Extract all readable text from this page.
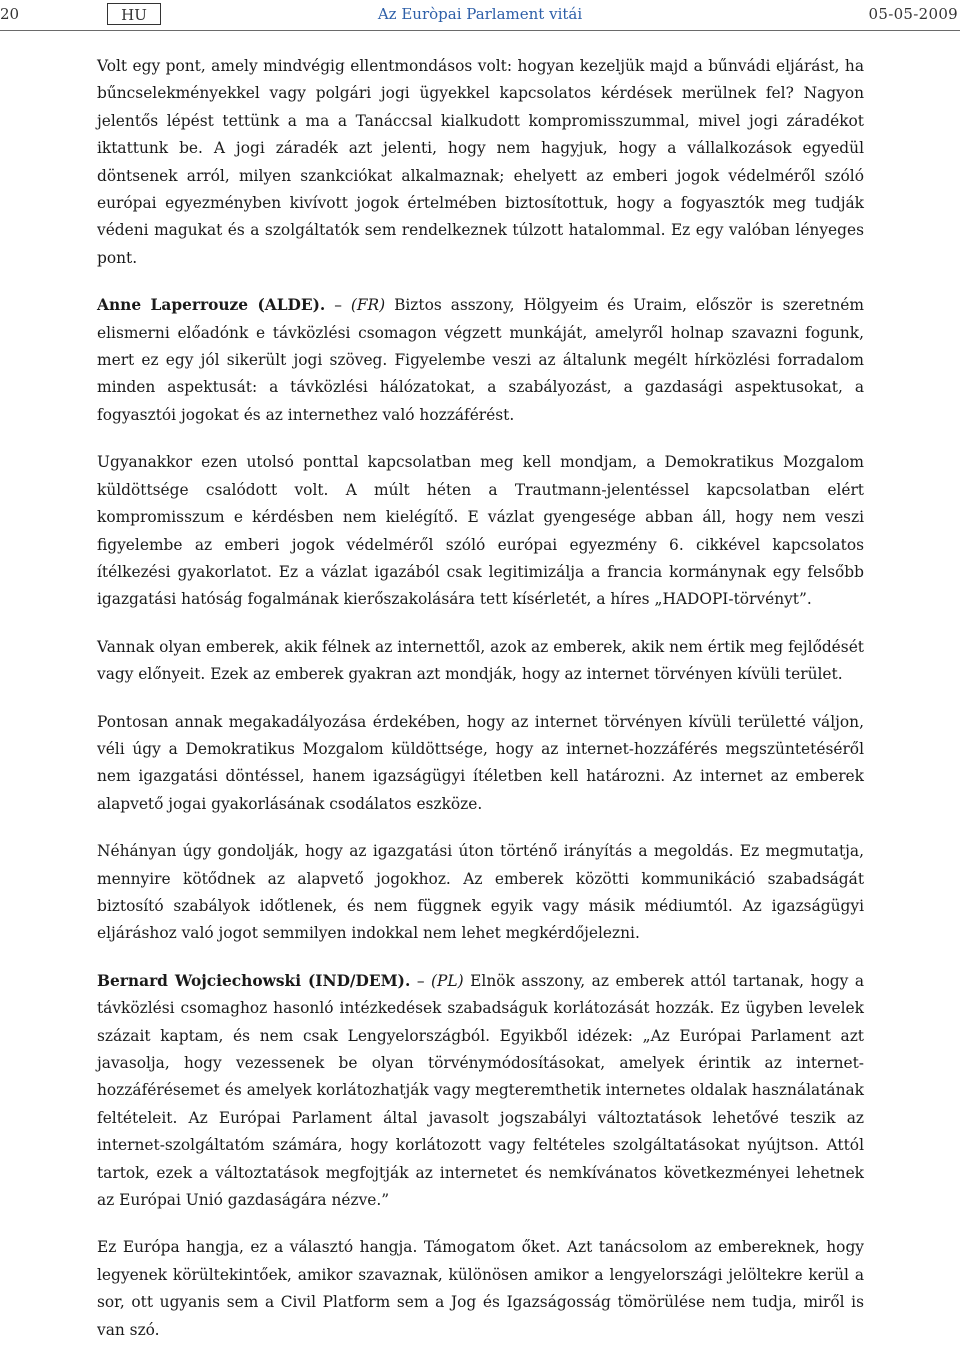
20	HU	Az Euròpai Parlament vitái	05-05-2009

Volt egy pont, amely mindvégig ellentmondásos volt: hogyan kezeljük majd a bűnvádi eljárást, ha bűncselekményekkel vagy polgári jogi ügyekkel kapcsolatos kérdések merülnek fel? Nagyon jelentős lépést tettünk a ma a Tanáccsal kialkudott kompromisszummal, mivel jogi záradékot iktattunk be. A jogi záradék azt jelenti, hogy nem hagyjuk, hogy a vállalkozások egyedül döntsenek arról, milyen szankciókat alkalmaznak; ehelyett az emberi jogok védelméről szóló európai egyezményben kivívott jogok értelmében biztosítottuk, hogy a fogyasztók meg tudják védeni magukat és a szolgáltatók sem rendelkeznek túlzott hatalommal. Ez egy valóban lényeges pont.

Anne Laperrouze (ALDE). – (FR) Biztos asszony, Hölgyeim és Uraim, először is szeretném elismerni előadónk e távközlési csomagon végzett munkáját, amelyről holnap szavazni fogunk, mert ez egy jól sikerült jogi szöveg. Figyelembe veszi az általunk megélt hírközlési forradalom minden aspektusát: a távközlési hálózatokat, a szabályozást, a gazdasági aspektusokat, a fogyasztói jogokat és az internethez való hozzáférést.

Ugyanakkor ezen utolsó ponttal kapcsolatban meg kell mondjam, a Demokratikus Mozgalom küldöttsége csalódott volt. A múlt héten a Trautmann-jelentéssel kapcsolatban elért kompromisszum e kérdésben nem kielégítő. E vázlat gyengesége abban áll, hogy nem veszi figyelembe az emberi jogok védelméről szóló európai egyezmény 6. cikkével kapcsolatos ítélkezési gyakorlatot. Ez a vázlat igazából csak legitimizálja a francia kormánynak egy felsőbb igazgatási hatóság fogalmának kierőszakolására tett kísérletét, a híres „HADOPI-törvényt”.

Vannak olyan emberek, akik félnek az internettől, azok az emberek, akik nem értik meg fejlődését vagy előnyeit. Ezek az emberek gyakran azt mondják, hogy az internet törvényen kívüli terület.

Pontosan annak megakadályozása érdekében, hogy az internet törvényen kívüli területté váljon, véli úgy a Demokratikus Mozgalom küldöttsége, hogy az internet-hozzáférés megszüntetéséről nem igazgatási döntéssel, hanem igazságügyi ítéletben kell határozni. Az internet az emberek alapvető jogai gyakorlásának csodálatos eszköze.

Néhányan úgy gondolják, hogy az igazgatási úton történő irányítás a megoldás. Ez megmutatja, mennyire kötődnek az alapvető jogokhoz. Az emberek közötti kommunikáció szabadságát biztosító szabályok időtlenek, és nem függnek egyik vagy másik médiumtól. Az igazságügyi eljáráshoz való jogot semmilyen indokkal nem lehet megkérdőjelezni.

Bernard Wojciechowski (IND/DEM). – (PL) Elnök asszony, az emberek attól tartanak, hogy a távközlési csomaghoz hasonló intézkedések szabadságuk korlátozását hozzák. Ez ügyben levelek százait kaptam, és nem csak Lengyelországból. Egyikből idézek: „Az Európai Parlament azt javasolja, hogy vezessenek be olyan törvénymódosításokat, amelyek érintik az internet-hozzáférésemet és amelyek korlátozhatják vagy megteremthetik internetes oldalak használatának feltételeit. Az Európai Parlament által javasolt jogszabályi változtatások lehetővé teszik az internet-szolgáltatóm számára, hogy korlátozott vagy feltételes szolgáltatásokat nyújtson. Attól tartok, ezek a változtatások megfojtják az internetet és nemkívánatos következményei lehetnek az Európai Unió gazdaságára nézve.”

Ez Európa hangja, ez a választó hangja. Támogatom őket. Azt tanácsolom az embereknek, hogy legyenek körültekintőek, amikor szavaznak, különösen amikor a lengyelországi jelöltekre kerül a sor, ott ugyanis sem a Civil Platform sem a Jog és Igazságosság tömörülése nem tudja, miről is van szó.
